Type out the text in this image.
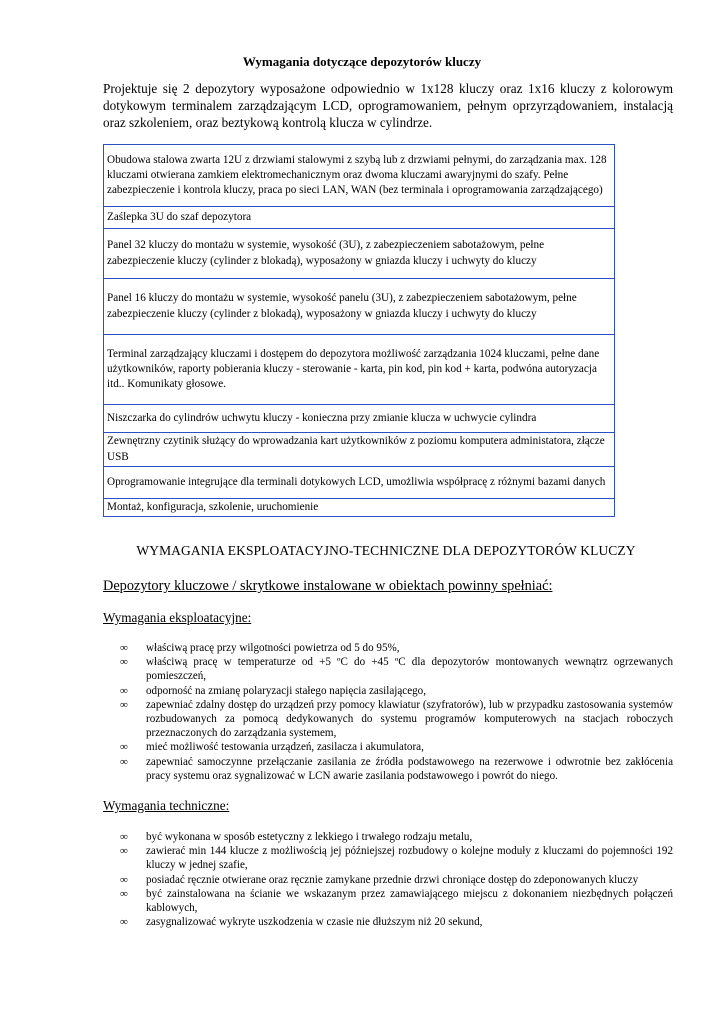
Wymagania dotyczące depozytorów kluczy
Projektuje się 2 depozytory wyposażone odpowiednio w 1x128 kluczy oraz 1x16 kluczy z kolorowym dotykowym terminalem zarządzającym LCD, oprogramowaniem, pełnym oprzyrządowaniem, instalacją oraz szkoleniem, oraz beztykową kontrolą klucza w cylindrze.
Obudowa stalowa zwarta 12U z drzwiami stalowymi z szybą lub z drzwiami pełnymi, do zarządzania max. 128 kluczami otwierana zamkiem elektromechanicznym oraz dwoma kluczami awaryjnymi do szafy. Pełne zabezpieczenie i kontrola kluczy, praca po sieci LAN, WAN (bez terminala i oprogramowania zarządzającego)
Zaślepka 3U do szaf depozytora
Panel 32 kluczy do montażu w systemie, wysokość (3U), z zabezpieczeniem sabotażowym, pełne zabezpieczenie kluczy (cylinder z blokadą), wyposażony w gniazda kluczy i uchwyty do kluczy
Panel 16 kluczy do montażu w systemie, wysokość panelu (3U), z zabezpieczeniem sabotażowym, pełne zabezpieczenie kluczy (cylinder z blokadą), wyposażony w gniazda kluczy i uchwyty do kluczy
Terminal zarządzający kluczami i dostępem do depozytora możliwość zarządzania 1024 kluczami, pełne dane użytkowników, raporty pobierania kluczy - sterowanie - karta, pin kod, pin kod + karta, podwóna autoryzacja itd.. Komunikaty głosowe.
Niszczarka do cylindrów uchwytu kluczy - konieczna przy zmianie klucza w uchwycie cylindra
Zewnętrzny czytinik służący do wprowadzania kart użytkowników z poziomu komputera administatora, złącze USB
Oprogramowanie integrujące dla terminali dotykowych LCD, umożliwia współpracę z różnymi bazami danych
Montaż, konfiguracja, szkolenie, uruchomienie
WYMAGANIA EKSPLOATACYJNO-TECHNICZNE DLA DEPOZYTORÓW KLUCZY
Depozytory kluczowe / skrytkowe instalowane w obiektach powinny spełniać:
Wymagania eksploatacyjne:
∞ właściwą pracę przy wilgotności powietrza od 5 do 95%,
∞ właściwą pracę w temperaturze od +5 ºC do +45 ºC dla depozytorów montowanych wewnątrz ogrzewanych pomieszczeń,
∞ odporność na zmianę polaryzacji stałego napięcia zasilającego,
∞ zapewniać zdalny dostęp do urządzeń przy pomocy klawiatur (szyfratorów), lub w przypadku zastosowania systemów rozbudowanych za pomocą dedykowanych do systemu programów komputerowych na stacjach roboczych przeznaczonych do zarządzania systemem,
∞ mieć możliwość testowania urządzeń, zasilacza i akumulatora,
∞ zapewniać samoczynne przełączanie zasilania ze źródła podstawowego na rezerwowe i odwrotnie bez zakłócenia pracy systemu oraz sygnalizować w LCN awarie zasilania podstawowego i powrót do niego.
Wymagania techniczne:
∞ być wykonana w sposób estetyczny z lekkiego i trwałego rodzaju metalu,
∞ zawierać min 144 klucze z możliwością jej późniejszej rozbudowy o kolejne moduły z kluczami do pojemności 192 kluczy w jednej szafie,
∞ posiadać ręcznie otwierane oraz ręcznie zamykane przednie drzwi chroniące dostęp do zdeponowanych kluczy
∞ być zainstalowana na ścianie we wskazanym przez zamawiającego miejscu z dokonaniem niezbędnych połączeń kablowych,
∞ zasygnalizować wykryte uszkodzenia w czasie nie dłuższym niż 20 sekund,
